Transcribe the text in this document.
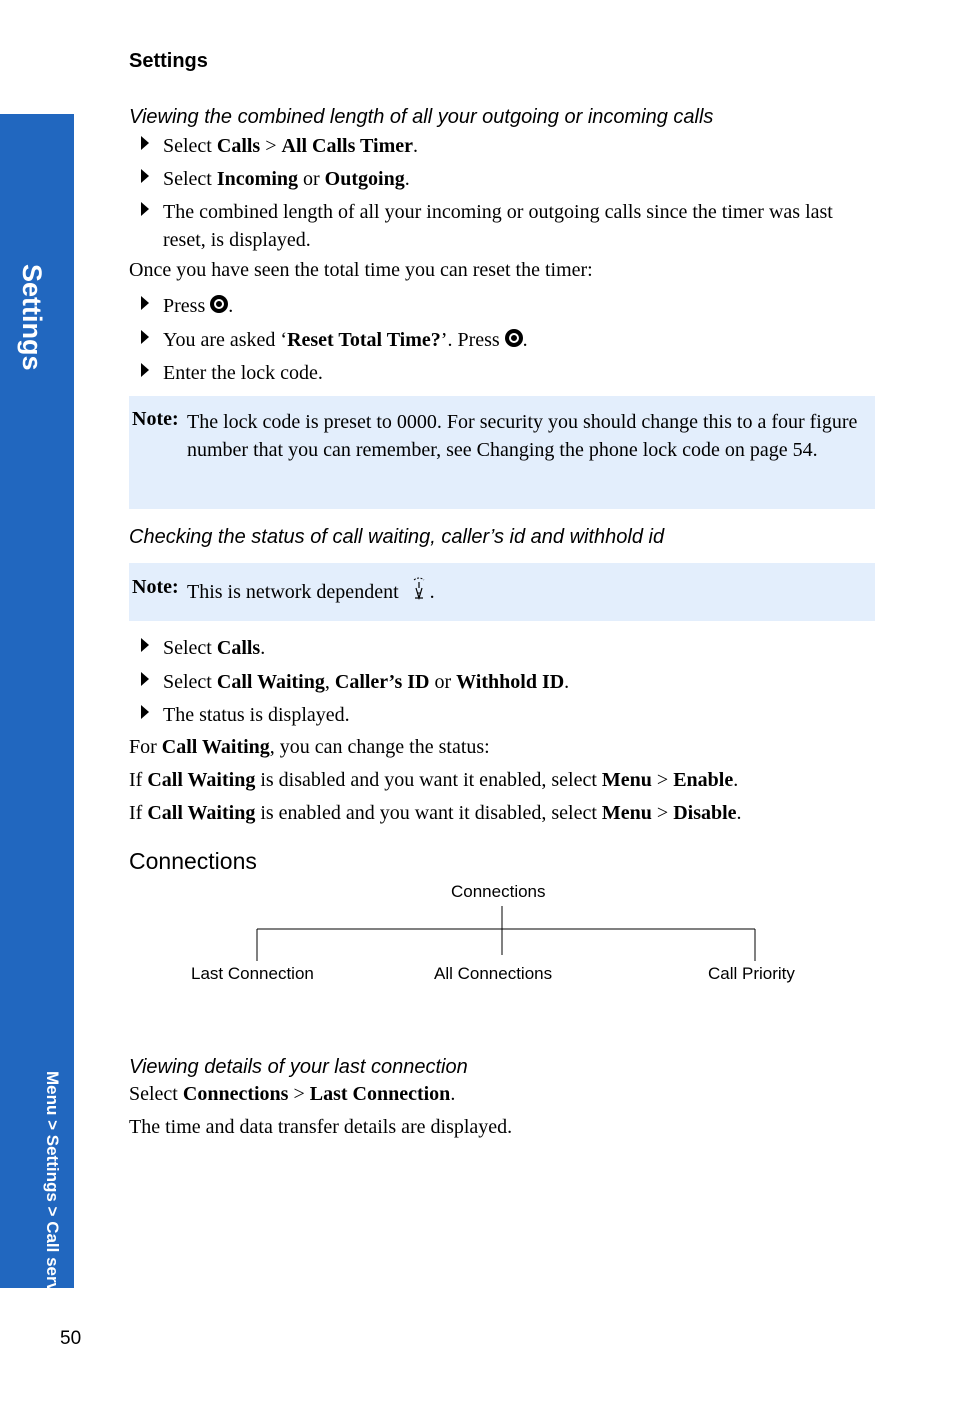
Settings
Settings
Menu > Settings > Call service
Viewing the combined length of all your outgoing or incoming calls
Select Calls > All Calls Timer.
Select Incoming or Outgoing.
The combined length of all your incoming or outgoing calls since the timer was last reset, is displayed.
Once you have seen the total time you can reset the timer:
Press .
You are asked ‘Reset Total Time?’. Press .
Enter the lock code.
Note: The lock code is preset to 0000. For security you should change this to a four figure number that you can remember, see Changing the phone lock code on page 54.
Checking the status of call waiting, caller’s id and withhold id
Note: This is network dependent .
Select Calls.
Select Call Waiting, Caller’s ID or Withhold ID.
The status is displayed.
For Call Waiting, you can change the status:
If Call Waiting is disabled and you want it enabled, select Menu > Enable.
If Call Waiting is enabled and you want it disabled, select Menu > Disable.
Connections
Connections
Last Connection	All Connections	Call Priority
Viewing details of your last connection
Select Connections > Last Connection.
The time and data transfer details are displayed.
50
